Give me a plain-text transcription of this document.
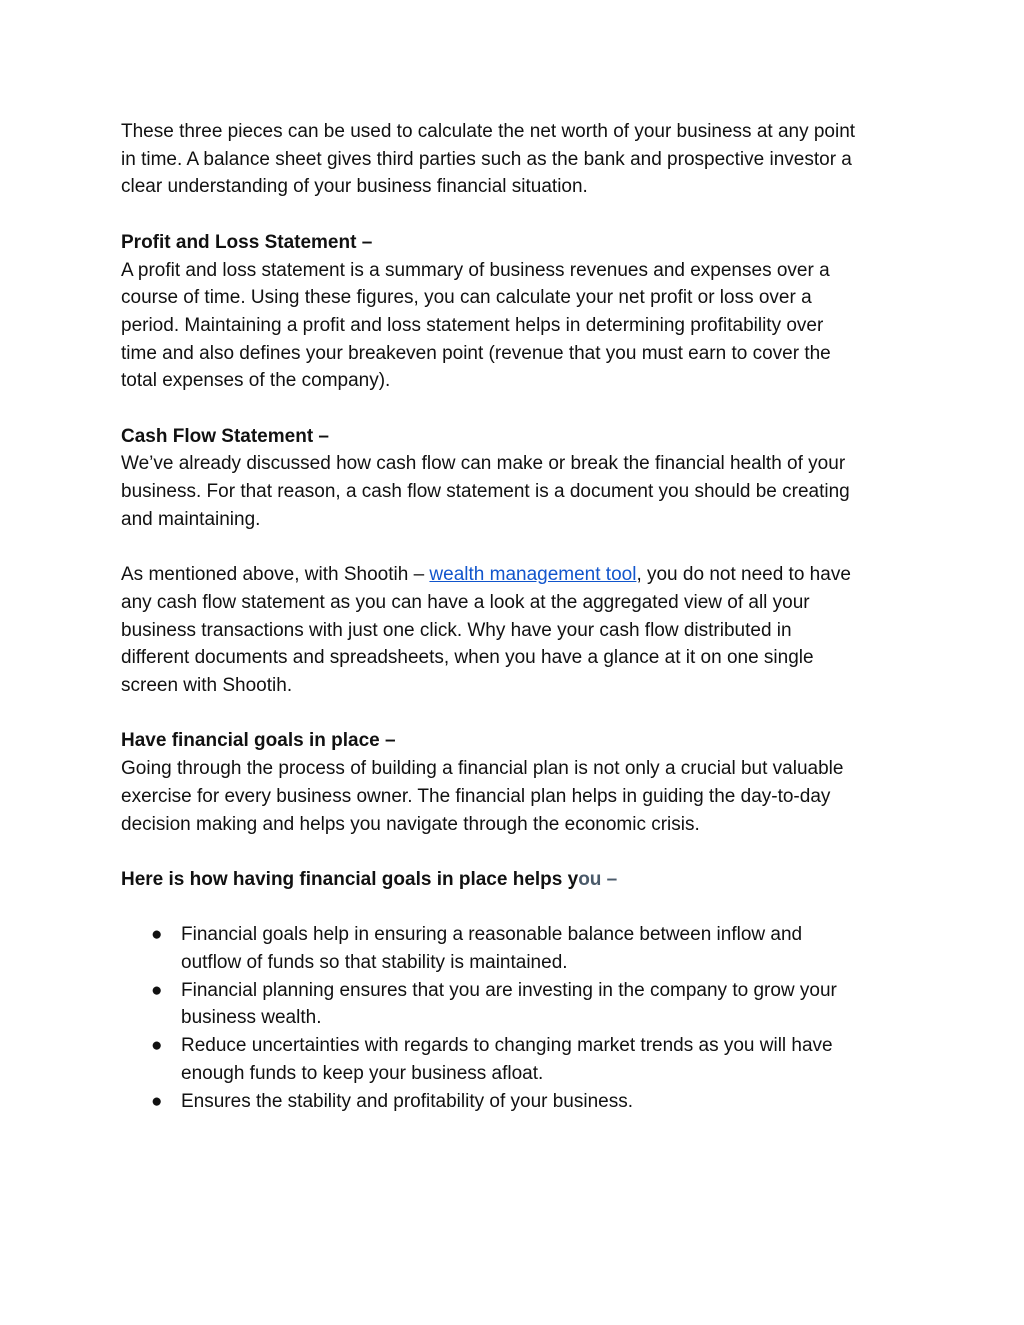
These three pieces can be used to calculate the net worth of your business at any point
in time. A balance sheet gives third parties such as the bank and prospective investor a
clear understanding of your business financial situation.

Profit and Loss Statement –

A profit and loss statement is a summary of business revenues and expenses over a
course of time. Using these figures, you can calculate your net profit or loss over a
period. Maintaining a profit and loss statement helps in determining profitability over
time and also defines your breakeven point (revenue that you must earn to cover the
total expenses of the company).

Cash Flow Statement –

We’ve already discussed how cash flow can make or break the financial health of your
business. For that reason, a cash flow statement is a document you should be creating
and maintaining.

As mentioned above, with Shootih – wealth management tool, you do not need to have
any cash flow statement as you can have a look at the aggregated view of all your
business transactions with just one click. Why have your cash flow distributed in
different documents and spreadsheets, when you have a glance at it on one single
screen with Shootih.

Have financial goals in place –

Going through the process of building a financial plan is not only a crucial but valuable
exercise for every business owner. The financial plan helps in guiding the day-to-day
decision making and helps you navigate through the economic crisis.

Here is how having financial goals in place helps you –

● Financial goals help in ensuring a reasonable balance between inflow and
outflow of funds so that stability is maintained.
● Financial planning ensures that you are investing in the company to grow your
business wealth.
● Reduce uncertainties with regards to changing market trends as you will have
enough funds to keep your business afloat.
● Ensures the stability and profitability of your business.
